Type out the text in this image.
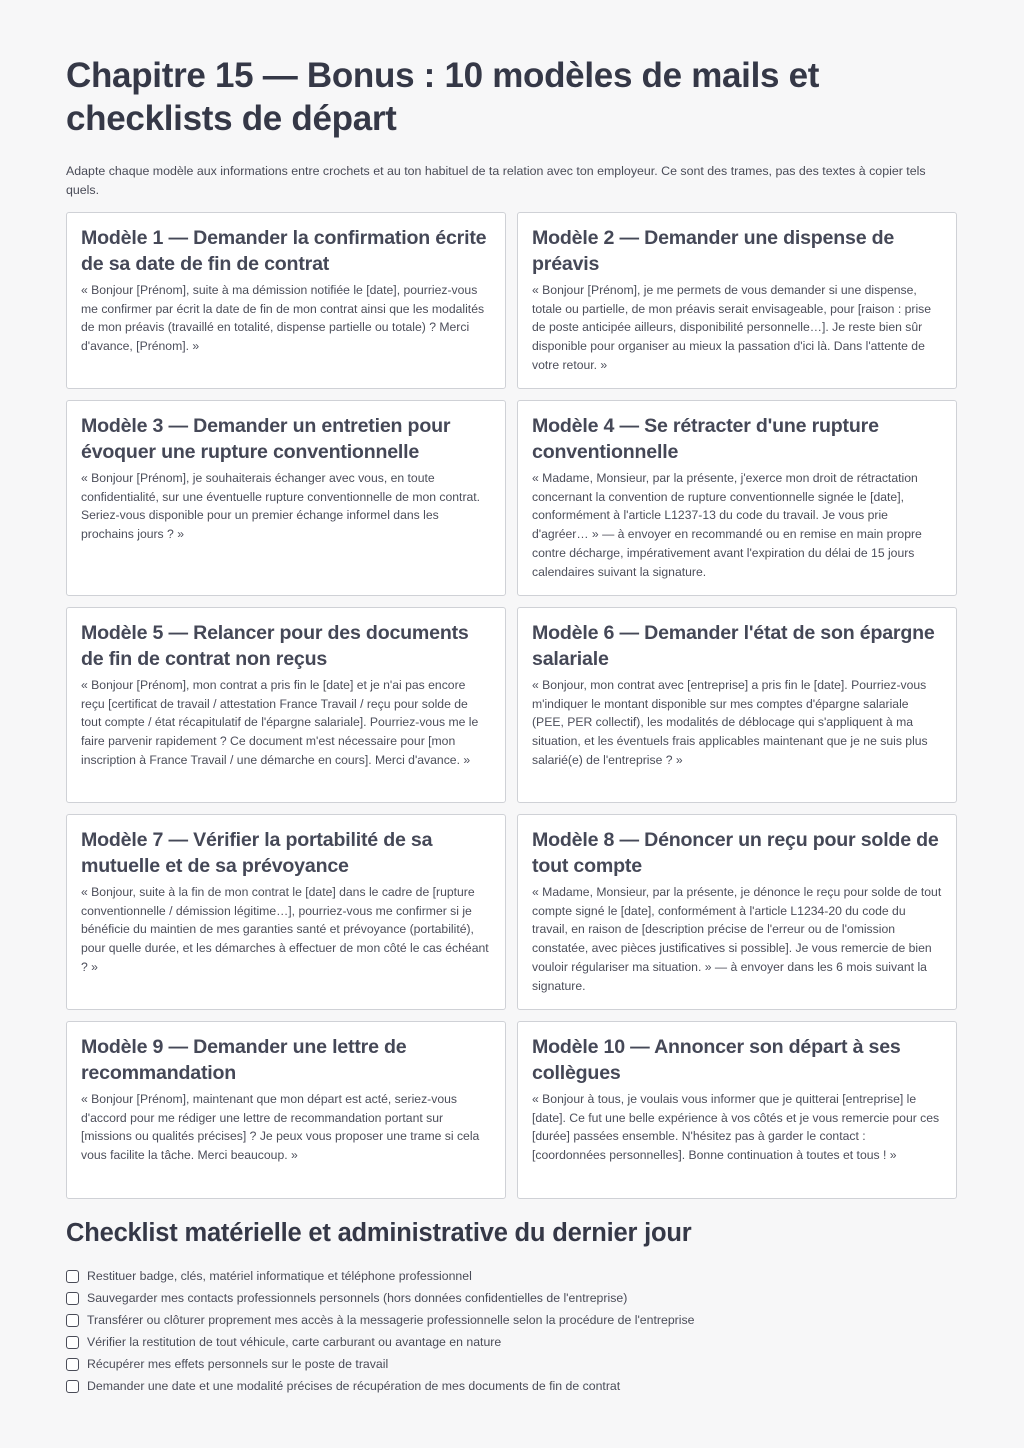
Chapitre 15 — Bonus : 10 modèles de mails et checklists de départ

Adapte chaque modèle aux informations entre crochets et au ton habituel de ta relation avec ton employeur. Ce sont des trames, pas des textes à copier tels quels.

Modèle 1 — Demander la confirmation écrite de sa date de fin de contrat

« Bonjour [Prénom], suite à ma démission notifiée le [date], pourriez-vous me confirmer par écrit la date de fin de mon contrat ainsi que les modalités de mon préavis (travaillé en totalité, dispense partielle ou totale) ? Merci d'avance, [Prénom]. »

Modèle 2 — Demander une dispense de préavis

« Bonjour [Prénom], je me permets de vous demander si une dispense, totale ou partielle, de mon préavis serait envisageable, pour [raison : prise de poste anticipée ailleurs, disponibilité personnelle…]. Je reste bien sûr disponible pour organiser au mieux la passation d'ici là. Dans l'attente de votre retour. »

Modèle 3 — Demander un entretien pour évoquer une rupture conventionnelle

« Bonjour [Prénom], je souhaiterais échanger avec vous, en toute confidentialité, sur une éventuelle rupture conventionnelle de mon contrat. Seriez-vous disponible pour un premier échange informel dans les prochains jours ? »

Modèle 4 — Se rétracter d'une rupture conventionnelle

« Madame, Monsieur, par la présente, j'exerce mon droit de rétractation concernant la convention de rupture conventionnelle signée le [date], conformément à l'article L1237-13 du code du travail. Je vous prie d'agréer… » — à envoyer en recommandé ou en remise en main propre contre décharge, impérativement avant l'expiration du délai de 15 jours calendaires suivant la signature.

Modèle 5 — Relancer pour des documents de fin de contrat non reçus

« Bonjour [Prénom], mon contrat a pris fin le [date] et je n'ai pas encore reçu [certificat de travail / attestation France Travail / reçu pour solde de tout compte / état récapitulatif de l'épargne salariale]. Pourriez-vous me le faire parvenir rapidement ? Ce document m'est nécessaire pour [mon inscription à France Travail / une démarche en cours]. Merci d'avance. »

Modèle 6 — Demander l'état de son épargne salariale

« Bonjour, mon contrat avec [entreprise] a pris fin le [date]. Pourriez-vous m'indiquer le montant disponible sur mes comptes d'épargne salariale (PEE, PER collectif), les modalités de déblocage qui s'appliquent à ma situation, et les éventuels frais applicables maintenant que je ne suis plus salarié(e) de l'entreprise ? »

Modèle 7 — Vérifier la portabilité de sa mutuelle et de sa prévoyance

« Bonjour, suite à la fin de mon contrat le [date] dans le cadre de [rupture conventionnelle / démission légitime…], pourriez-vous me confirmer si je bénéficie du maintien de mes garanties santé et prévoyance (portabilité), pour quelle durée, et les démarches à effectuer de mon côté le cas échéant ? »

Modèle 8 — Dénoncer un reçu pour solde de tout compte

« Madame, Monsieur, par la présente, je dénonce le reçu pour solde de tout compte signé le [date], conformément à l'article L1234-20 du code du travail, en raison de [description précise de l'erreur ou de l'omission constatée, avec pièces justificatives si possible]. Je vous remercie de bien vouloir régulariser ma situation. » — à envoyer dans les 6 mois suivant la signature.

Modèle 9 — Demander une lettre de recommandation

« Bonjour [Prénom], maintenant que mon départ est acté, seriez-vous d'accord pour me rédiger une lettre de recommandation portant sur [missions ou qualités précises] ? Je peux vous proposer une trame si cela vous facilite la tâche. Merci beaucoup. »

Modèle 10 — Annoncer son départ à ses collègues

« Bonjour à tous, je voulais vous informer que je quitterai [entreprise] le [date]. Ce fut une belle expérience à vos côtés et je vous remercie pour ces [durée] passées ensemble. N'hésitez pas à garder le contact : [coordonnées personnelles]. Bonne continuation à toutes et tous ! »

Checklist matérielle et administrative du dernier jour
Restituer badge, clés, matériel informatique et téléphone professionnel
Sauvegarder mes contacts professionnels personnels (hors données confidentielles de l'entreprise)
Transférer ou clôturer proprement mes accès à la messagerie professionnelle selon la procédure de l'entreprise
Vérifier la restitution de tout véhicule, carte carburant ou avantage en nature
Récupérer mes effets personnels sur le poste de travail
Demander une date et une modalité précises de récupération de mes documents de fin de contrat
